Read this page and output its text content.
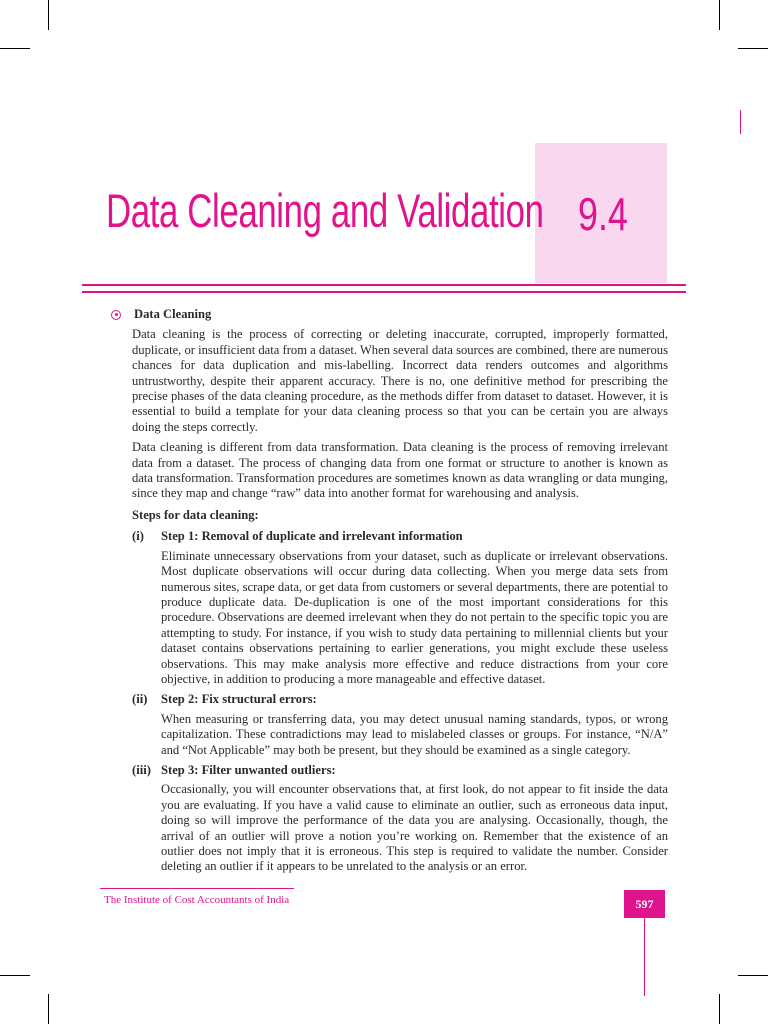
Data Cleaning and Validation 9.4
Data Cleaning

Data cleaning is the process of correcting or deleting inaccurate, corrupted, improperly formatted, duplicate, or insufficient data from a dataset. When several data sources are combined, there are numerous chances for data duplication and mis-labelling. Incorrect data renders outcomes and algorithms untrustworthy, despite their apparent accuracy. There is no, one definitive method for prescribing the precise phases of the data cleaning procedure, as the methods differ from dataset to dataset. However, it is essential to build a template for your data cleaning process so that you can be certain you are always doing the steps correctly.

Data cleaning is different from data transformation. Data cleaning is the process of removing irrelevant data from a dataset. The process of changing data from one format or structure to another is known as data transformation. Transformation procedures are sometimes known as data wrangling or data munging, since they map and change “raw” data into another format for warehousing and analysis.

Steps for data cleaning:
(i)	Step 1: Removal of duplicate and irrelevant information
Eliminate unnecessary observations from your dataset, such as duplicate or irrelevant observations. Most duplicate observations will occur during data collecting. When you merge data sets from numerous sites, scrape data, or get data from customers or several departments, there are potential to produce duplicate data. De-duplication is one of the most important considerations for this procedure. Observations are deemed irrelevant when they do not pertain to the specific topic you are attempting to study. For instance, if you wish to study data pertaining to millennial clients but your dataset contains observations pertaining to earlier generations, you might exclude these useless observations. This may make analysis more effective and reduce distractions from your core objective, in addition to producing a more manageable and effective dataset.
(ii)	Step 2: Fix structural errors:
When measuring or transferring data, you may detect unusual naming standards, typos, or wrong capitalization. These contradictions may lead to mislabeled classes or groups. For instance, “N/A” and “Not Applicable” may both be present, but they should be examined as a single category.
(iii) Step 3: Filter unwanted outliers:
Occasionally, you will encounter observations that, at first look, do not appear to fit inside the data you are evaluating. If you have a valid cause to eliminate an outlier, such as erroneous data input, doing so will improve the performance of the data you are analysing. Occasionally, though, the arrival of an outlier will prove a notion you’re working on. Remember that the existence of an outlier does not imply that it is erroneous. This step is required to validate the number. Consider deleting an outlier if it appears to be unrelated to the analysis or an error.
The Institute of Cost Accountants of India	597
